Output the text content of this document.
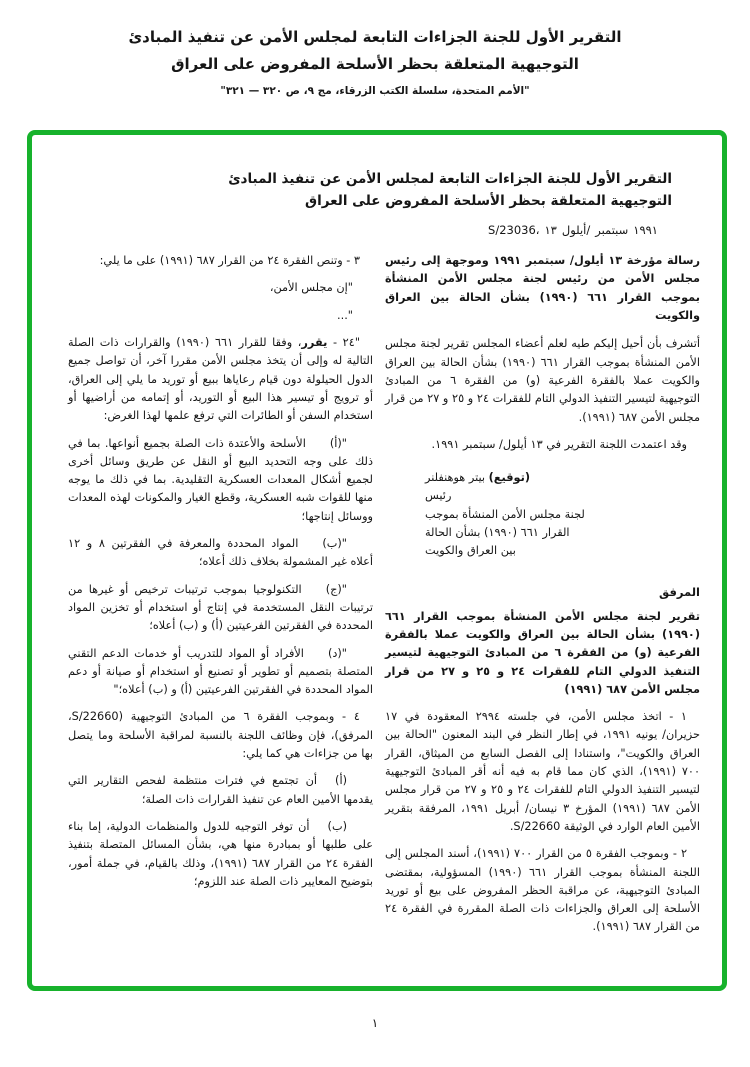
التقرير الأول للجنة الجزاءات التابعة لمجلس الأمن عن تنفيذ المبادئ
التوجيهية المتعلقة بحظر الأسلحة المفروض على العراق
"الأمم المتحدة، سلسلة الكتب الزرقاء، مج ٩، ص ٣٢٠ — ٣٢١"
التقرير الأول للجنة الجزاءات التابعة لمجلس الأمن عن تنفيذ المبادئ
التوجيهية المتعلقة بحظر الأسلحة المفروض على العراق
S/23036، ١٣ أيلول/ سبتمبر ١٩٩١

رسالة مؤرخة ١٣ أيلول/ سبتمبر ١٩٩١ وموجهة إلى رئيس مجلس الأمن من رئيس لجنة مجلس الأمن المنشأة بموجب القرار ٦٦١ (١٩٩٠) بشأن الحالة بين العراق والكويت

أتشرف بأن أحيل إليكم طيه لعلم أعضاء المجلس تقرير لجنة مجلس الأمن المنشأة بموجب القرار ٦٦١ (١٩٩٠) بشأن الحالة بين العراق والكويت عملا بالفقرة الفرعية (و) من الفقرة ٦ من المبادئ التوجيهية لتيسير التنفيذ الدولي التام للفقرات ٢٤ و ٢٥ و ٢٧ من قرار مجلس الأمن ٦٨٧ (١٩٩١).

وقد اعتمدت اللجنة التقرير في ١٣ أيلول/ سبتمبر ١٩٩١.

(توقيع) بيتر هوهنفلنر
رئيس
لجنة مجلس الأمن المنشأة بموجب
القرار ٦٦١ (١٩٩٠) بشأن الحالة
بين العراق والكويت
المرفق

تقرير لجنة مجلس الأمن المنشأة بموجب القرار ٦٦١ (١٩٩٠) بشأن الحالة بين العراق والكويت عملا بالفقرة الفرعية (و) من الفقرة ٦ من المبادئ التوجيهية لتيسير التنفيذ الدولي التام للفقرات ٢٤ و ٢٥ و ٢٧ من قرار مجلس الأمن ٦٨٧ (١٩٩١)

١ - اتخذ مجلس الأمن، في جلسته ٢٩٩٤ المعقودة في ١٧ حزيران/ يونيه ١٩٩١، في إطار النظر في البند المعنون "الحالة بين العراق والكويت"، واستنادا إلى الفصل السابع من الميثاق، القرار ٧٠٠ (١٩٩١)، الذي كان مما قام به فيه أنه أقر المبادئ التوجيهية لتيسير التنفيذ الدولي التام للفقرات ٢٤ و ٢٥ و ٢٧ من قرار مجلس الأمن ٦٨٧ (١٩٩١) المؤرخ ٣ نيسان/ أبريل ١٩٩١، المرفقة بتقرير الأمين العام الوارد في الوثيقة S/22660.

٢ - وبموجب الفقرة ٥ من القرار ٧٠٠ (١٩٩١)، أسند المجلس إلى اللجنة المنشأة بموجب القرار ٦٦١ (١٩٩٠) المسؤولية، بمقتضى المبادئ التوجيهية، عن مراقبة الحظر المفروض على بيع أو توريد الأسلحة إلى العراق والجزاءات ذات الصلة المقررة في الفقرة ٢٤ من القرار ٦٨٧ (١٩٩١).

٣ - وتنص الفقرة ٢٤ من القرار ٦٨٧ (١٩٩١) على ما يلي:

"إن مجلس الأمن،

"...

"٢٤ - يقرر، وفقا للقرار ٦٦١ (١٩٩٠) والقرارات ذات الصلة التالية له وإلى أن يتخذ مجلس الأمن مقررا آخر، أن تواصل جميع الدول الحيلولة دون قيام رعاياها ببيع أو توريد ما يلي إلى العراق، أو ترويج أو تيسير هذا البيع أو التوريد، أو إتمامه من أراضيها أو استخدام السفن أو الطائرات التي ترفع علمها لهذا الغرض:

"(أ)الأسلحة والأعتدة ذات الصلة بجميع أنواعها. بما في ذلك على وجه التحديد البيع أو النقل عن طريق وسائل أخرى لجميع أشكال المعدات العسكرية التقليدية. بما في ذلك ما يوجه منها للقوات شبه العسكرية، وقطع الغيار والمكونات لهذه المعدات ووسائل إنتاجها؛

"(ب)المواد المحددة والمعرفة في الفقرتين ٨ و ١٢ أعلاه غير المشمولة بخلاف ذلك أعلاه؛

"(ج)التكنولوجيا بموجب ترتيبات ترخيص أو غيرها من ترتيبات النقل المستخدمة في إنتاج أو استخدام أو تخزين المواد المحددة في الفقرتين الفرعيتين (أ) و (ب) أعلاه؛

"(د)الأفراد أو المواد للتدريب أو خدمات الدعم التقني المتصلة بتصميم أو تطوير أو تصنيع أو استخدام أو صيانة أو دعم المواد المحددة في الفقرتين الفرعيتين (أ) و (ب) أعلاه؛"

٤ - وبموجب الفقرة ٦ من المبادئ التوجيهية (S/22660، المرفق)، فإن وظائف اللجنة بالنسبة لمراقبة الأسلحة وما يتصل بها من جزاءات هي كما يلي:

(أ)أن تجتمع في فترات منتظمة لفحص التقارير التي يقدمها الأمين العام عن تنفيذ القرارات ذات الصلة؛

(ب)أن توفر التوجيه للدول والمنظمات الدولية، إما بناء على طلبها أو بمبادرة منها هي، بشأن المسائل المتصلة بتنفيذ الفقرة ٢٤ من القرار ٦٨٧ (١٩٩١)، وذلك بالقيام، في جملة أمور، بتوضيح المعايير ذات الصلة عند اللزوم؛

١
